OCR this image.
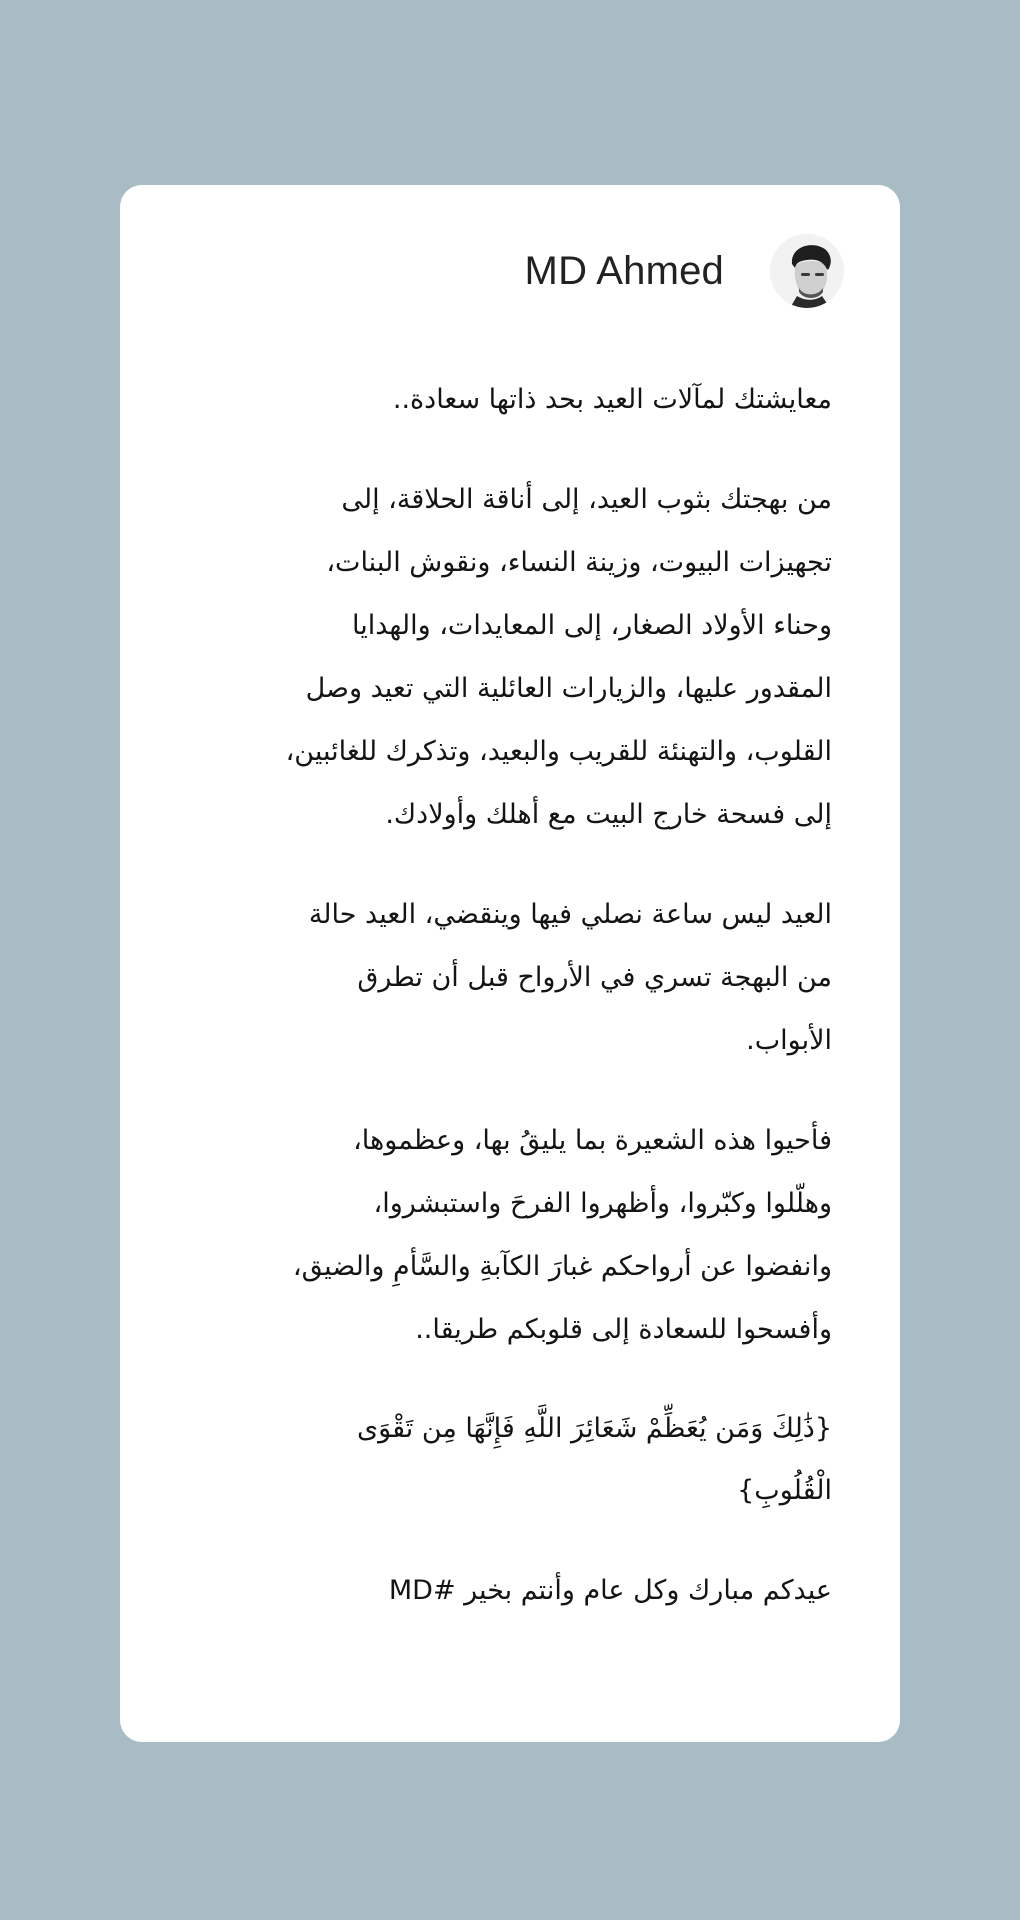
MD Ahmed

معايشتك لمآلات العيد بحد ذاتها سعادة..

من بهجتك بثوب العيد، إلى أناقة الحلاقة، إلى
تجهيزات البيوت، وزينة النساء، ونقوش البنات،
وحناء الأولاد الصغار، إلى المعايدات، والهدايا
المقدور عليها، والزيارات العائلية التي تعيد وصل
القلوب، والتهنئة للقريب والبعيد، وتذكرك للغائبين،
إلى فسحة خارج البيت مع أهلك وأولادك.

العيد ليس ساعة نصلي فيها وينقضي، العيد حالة
من البهجة تسري في الأرواح قبل أن تطرق
الأبواب.

فأحيوا هذه الشعيرة بما يليقُ بها، وعظموها،
وهلّلوا وكبّروا، وأظهروا الفرحَ واستبشروا،
وانفضوا عن أرواحكم غبارَ الكآبةِ والسَّأمِ والضيق،
وأفسحوا للسعادة إلى قلوبكم طريقا..

{ذَٰلِكَ وَمَن يُعَظِّمْ شَعَائِرَ اللَّهِ فَإِنَّهَا مِن تَقْوَى
الْقُلُوبِ}

عيدكم مبارك وكل عام وأنتم بخير #MD
